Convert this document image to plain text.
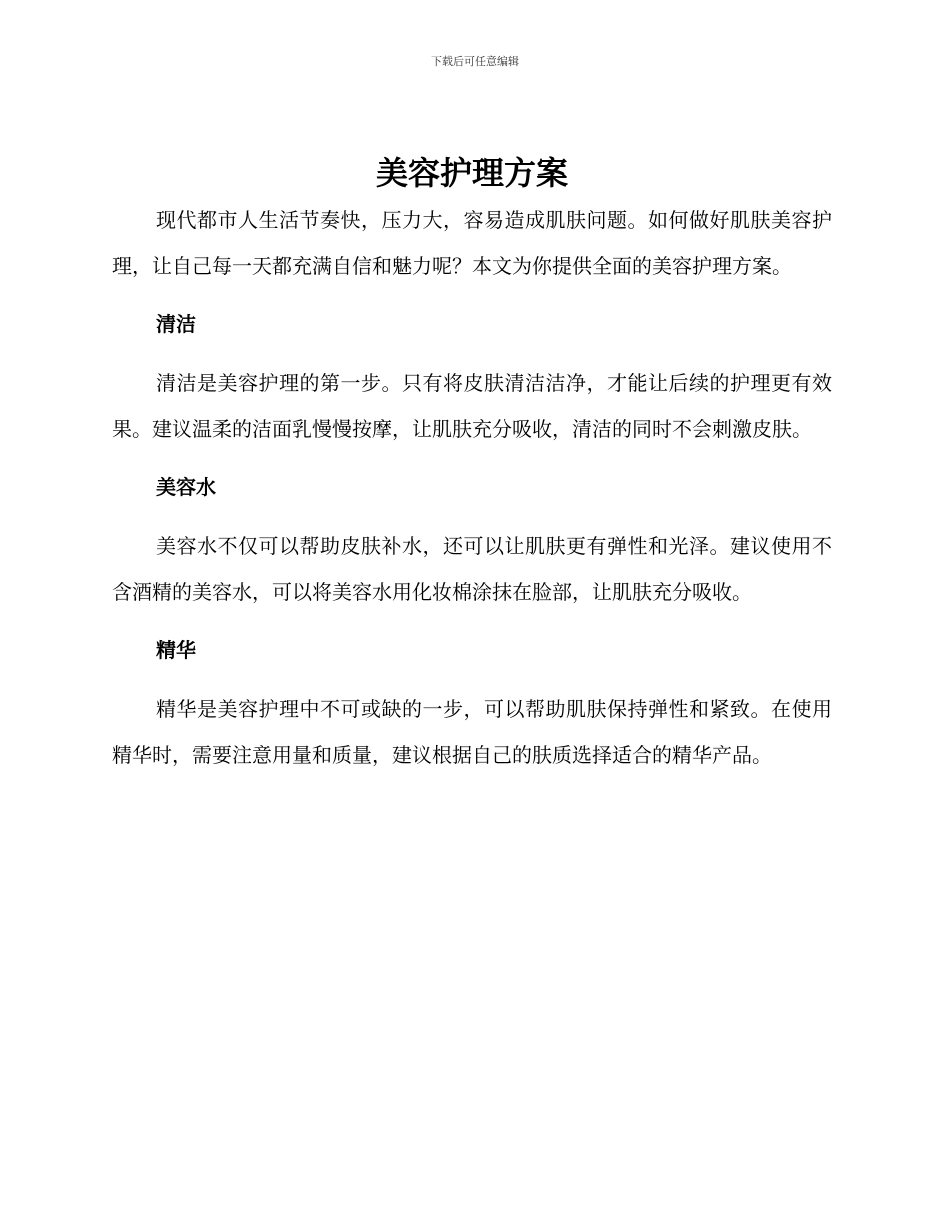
下载后可任意编辑
美容护理方案

现代都市人生活节奏快，压力大，容易造成肌肤问题。如何做好肌肤美容护理，让自己每一天都充满自信和魅力呢？本文为你提供全面的美容护理方案。

清洁

清洁是美容护理的第一步。只有将皮肤清洁洁净，才能让后续的护理更有效果。建议温柔的洁面乳慢慢按摩，让肌肤充分吸收，清洁的同时不会刺激皮肤。

美容水

美容水不仅可以帮助皮肤补水，还可以让肌肤更有弹性和光泽。建议使用不含酒精的美容水，可以将美容水用化妆棉涂抹在脸部，让肌肤充分吸收。

精华

精华是美容护理中不可或缺的一步，可以帮助肌肤保持弹性和紧致。在使用精华时，需要注意用量和质量，建议根据自己的肤质选择适合的精华产品。
